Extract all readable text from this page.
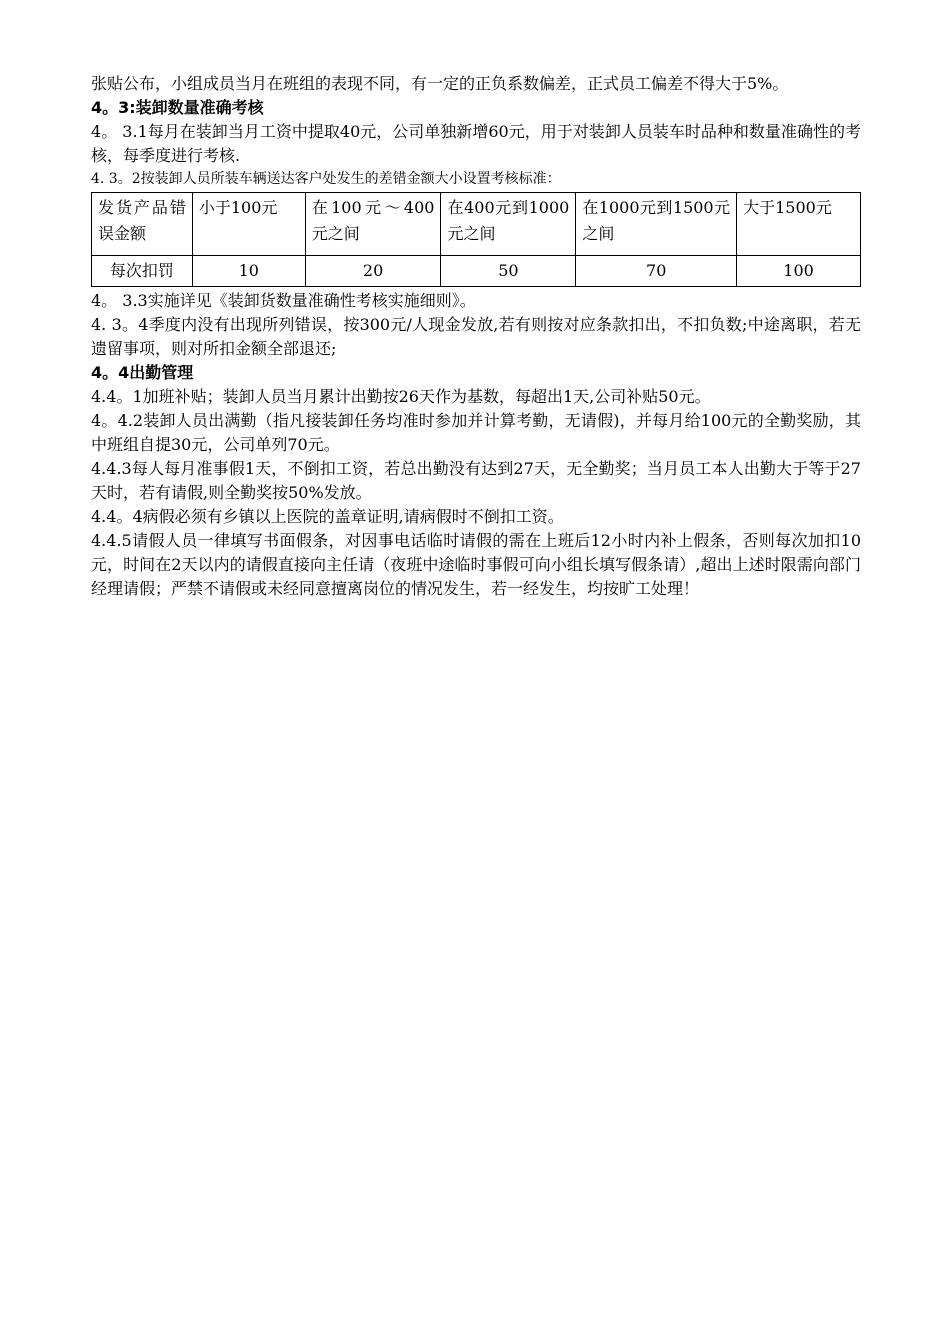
张贴公布，小组成员当月在班组的表现不同，有一定的正负系数偏差，正式员工偏差不得大于5%。

4。3:装卸数量准确考核

4。 3.1每月在装卸当月工资中提取40元，公司单独新增60元，用于对装卸人员装车时品种和数量准确性的考核，每季度进行考核.

4. 3。2按装卸人员所装车辆送达客户处发生的差错金额大小设置考核标准：

发货产品错误金额	小于100元	在100元～400元之间	在400元到1000元之间	在1000元到1500元之间	大于1500元
每次扣罚	10	20	50	70	100

4。 3.3实施详见《装卸货数量准确性考核实施细则》。

4. 3。4季度内没有出现所列错误，按300元/人现金发放,若有则按对应条款扣出，不扣负数;中途离职，若无遗留事项，则对所扣金额全部退还;

4。4出勤管理

4.4。1加班补贴；装卸人员当月累计出勤按26天作为基数，每超出1天,公司补贴50元。

4。4.2装卸人员出满勤（指凡接装卸任务均准时参加并计算考勤，无请假)，并每月给100元的全勤奖励，其中班组自提30元，公司单列70元。

4.4.3每人每月准事假1天，不倒扣工资，若总出勤没有达到27天，无全勤奖；当月员工本人出勤大于等于27天时，若有请假,则全勤奖按50%发放。

4.4。4病假必须有乡镇以上医院的盖章证明,请病假时不倒扣工资。

4.4.5请假人员一律填写书面假条，对因事电话临时请假的需在上班后12小时内补上假条，否则每次加扣10元，时间在2天以内的请假直接向主任请（夜班中途临时事假可向小组长填写假条请）,超出上述时限需向部门经理请假；严禁不请假或未经同意擅离岗位的情况发生，若一经发生，均按旷工处理！
